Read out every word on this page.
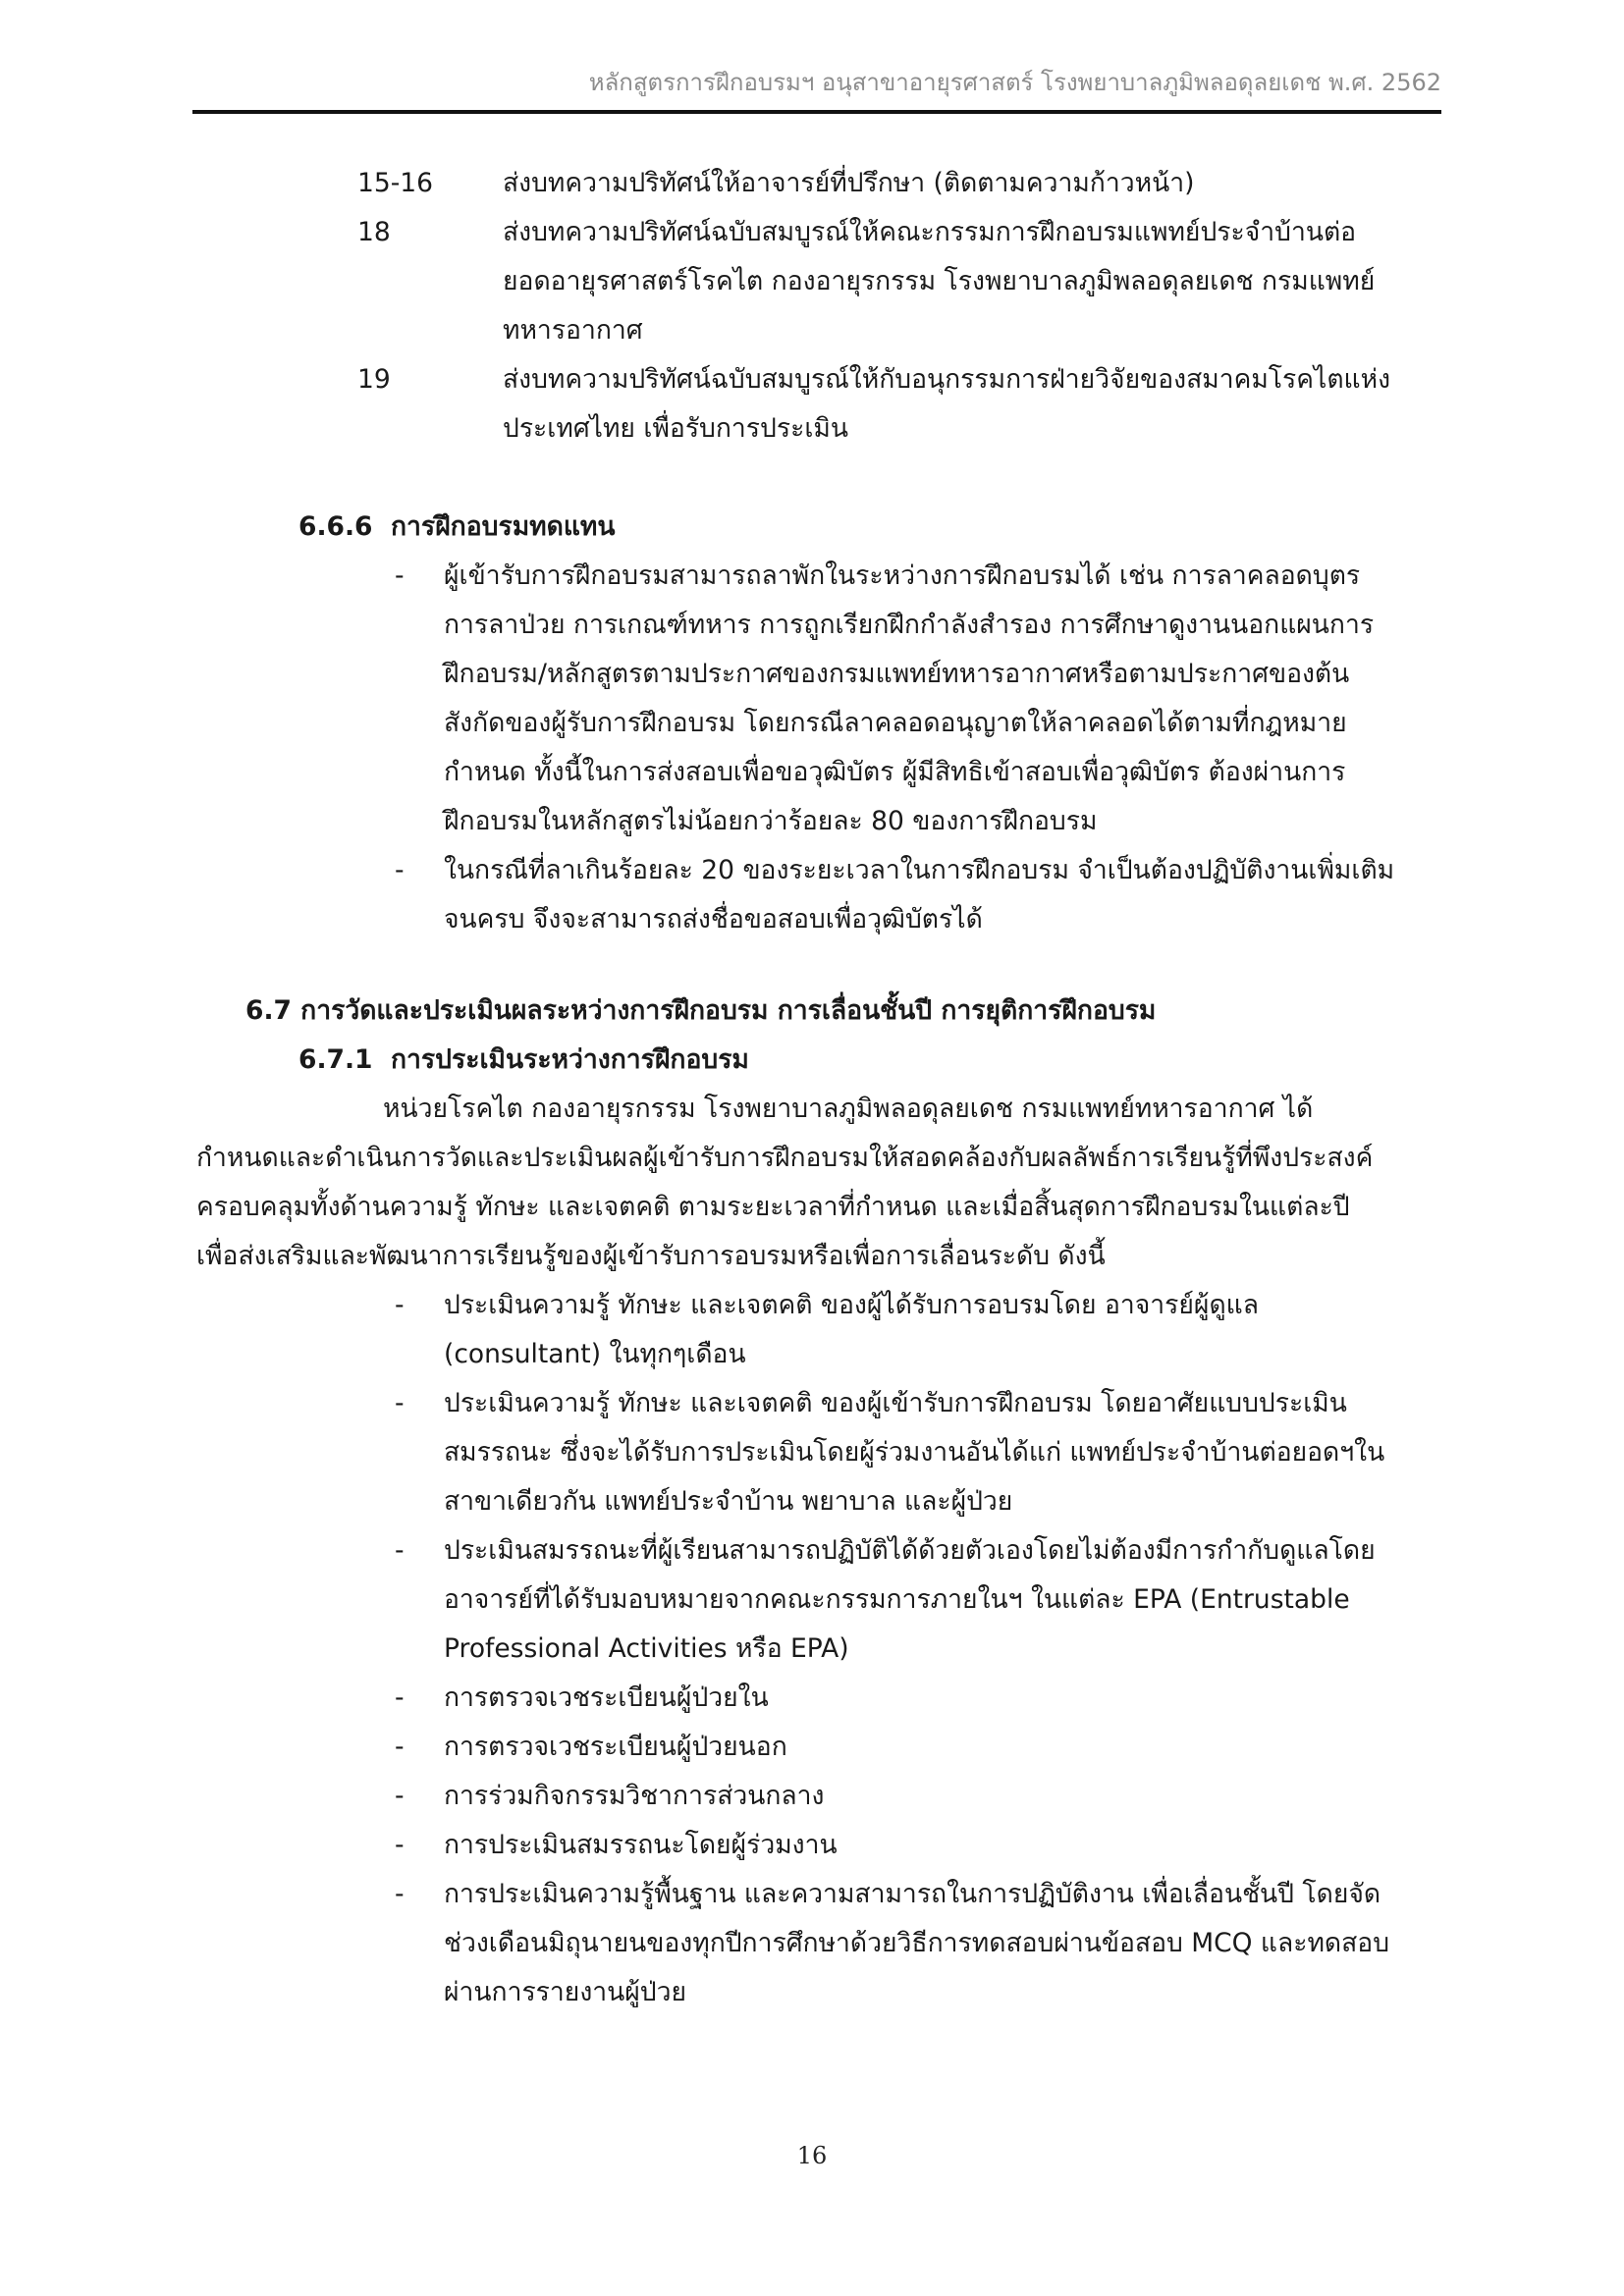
หลักสูตรการฝึกอบรมฯ อนุสาขาอายุรศาสตร์ โรงพยาบาลภูมิพลอดุลยเดช พ.ศ. 2562
15-16	ส่งบทความปริทัศน์ให้อาจารย์ที่ปรึกษา (ติดตามความก้าวหน้า)
18	ส่งบทความปริทัศน์ฉบับสมบูรณ์ให้คณะกรรมการฝึกอบรมแพทย์ประจำบ้านต่อ
ยอดอายุรศาสตร์โรคไต กองอายุรกรรม โรงพยาบาลภูมิพลอดุลยเดช กรมแพทย์
ทหารอากาศ
19	ส่งบทความปริทัศน์ฉบับสมบูรณ์ให้กับอนุกรรมการฝ่ายวิจัยของสมาคมโรคไตแห่ง
ประเทศไทย เพื่อรับการประเมิน
6.6.6 การฝึกอบรมทดแทน
- ผู้เข้ารับการฝึกอบรมสามารถลาพักในระหว่างการฝึกอบรมได้ เช่น การลาคลอดบุตร
การลาป่วย การเกณฑ์ทหาร การถูกเรียกฝึกกำลังสำรอง การศึกษาดูงานนอกแผนการ
ฝึกอบรม/หลักสูตรตามประกาศของกรมแพทย์ทหารอากาศหรือตามประกาศของต้น
สังกัดของผู้รับการฝึกอบรม โดยกรณีลาคลอดอนุญาตให้ลาคลอดได้ตามที่กฎหมาย
กำหนด ทั้งนี้ในการส่งสอบเพื่อขอวุฒิบัตร ผู้มีสิทธิเข้าสอบเพื่อวุฒิบัตร ต้องผ่านการ
ฝึกอบรมในหลักสูตรไม่น้อยกว่าร้อยละ 80 ของการฝึกอบรม
- ในกรณีที่ลาเกินร้อยละ 20 ของระยะเวลาในการฝึกอบรม จำเป็นต้องปฏิบัติงานเพิ่มเติม
จนครบ จึงจะสามารถส่งชื่อขอสอบเพื่อวุฒิบัตรได้
6.7 การวัดและประเมินผลระหว่างการฝึกอบรม การเลื่อนชั้นปี การยุติการฝึกอบรม
6.7.1 การประเมินระหว่างการฝึกอบรม
หน่วยโรคไต กองอายุรกรรม โรงพยาบาลภูมิพลอดุลยเดช กรมแพทย์ทหารอากาศ ได้
กำหนดและดำเนินการวัดและประเมินผลผู้เข้ารับการฝึกอบรมให้สอดคล้องกับผลลัพธ์การเรียนรู้ที่พึงประสงค์
ครอบคลุมทั้งด้านความรู้ ทักษะ และเจตคติ ตามระยะเวลาที่กำหนด และเมื่อสิ้นสุดการฝึกอบรมในแต่ละปี
เพื่อส่งเสริมและพัฒนาการเรียนรู้ของผู้เข้ารับการอบรมหรือเพื่อการเลื่อนระดับ ดังนี้
- ประเมินความรู้ ทักษะ และเจตคติ ของผู้ได้รับการอบรมโดย อาจารย์ผู้ดูแล
(consultant) ในทุกๆเดือน
- ประเมินความรู้ ทักษะ และเจตคติ ของผู้เข้ารับการฝึกอบรม โดยอาศัยแบบประเมิน
สมรรถนะ ซึ่งจะได้รับการประเมินโดยผู้ร่วมงานอันได้แก่ แพทย์ประจำบ้านต่อยอดฯใน
สาขาเดียวกัน แพทย์ประจำบ้าน พยาบาล และผู้ป่วย
- ประเมินสมรรถนะที่ผู้เรียนสามารถปฏิบัติได้ด้วยตัวเองโดยไม่ต้องมีการกำกับดูแลโดย
อาจารย์ที่ได้รับมอบหมายจากคณะกรรมการภายในฯ ในแต่ละ EPA (Entrustable
Professional Activities หรือ EPA)
- การตรวจเวชระเบียนผู้ป่วยใน
- การตรวจเวชระเบียนผู้ป่วยนอก
- การร่วมกิจกรรมวิชาการส่วนกลาง
- การประเมินสมรรถนะโดยผู้ร่วมงาน
- การประเมินความรู้พื้นฐาน และความสามารถในการปฏิบัติงาน เพื่อเลื่อนชั้นปี โดยจัด
ช่วงเดือนมิถุนายนของทุกปีการศึกษาด้วยวิธีการทดสอบผ่านข้อสอบ MCQ และทดสอบ
ผ่านการรายงานผู้ป่วย
16
